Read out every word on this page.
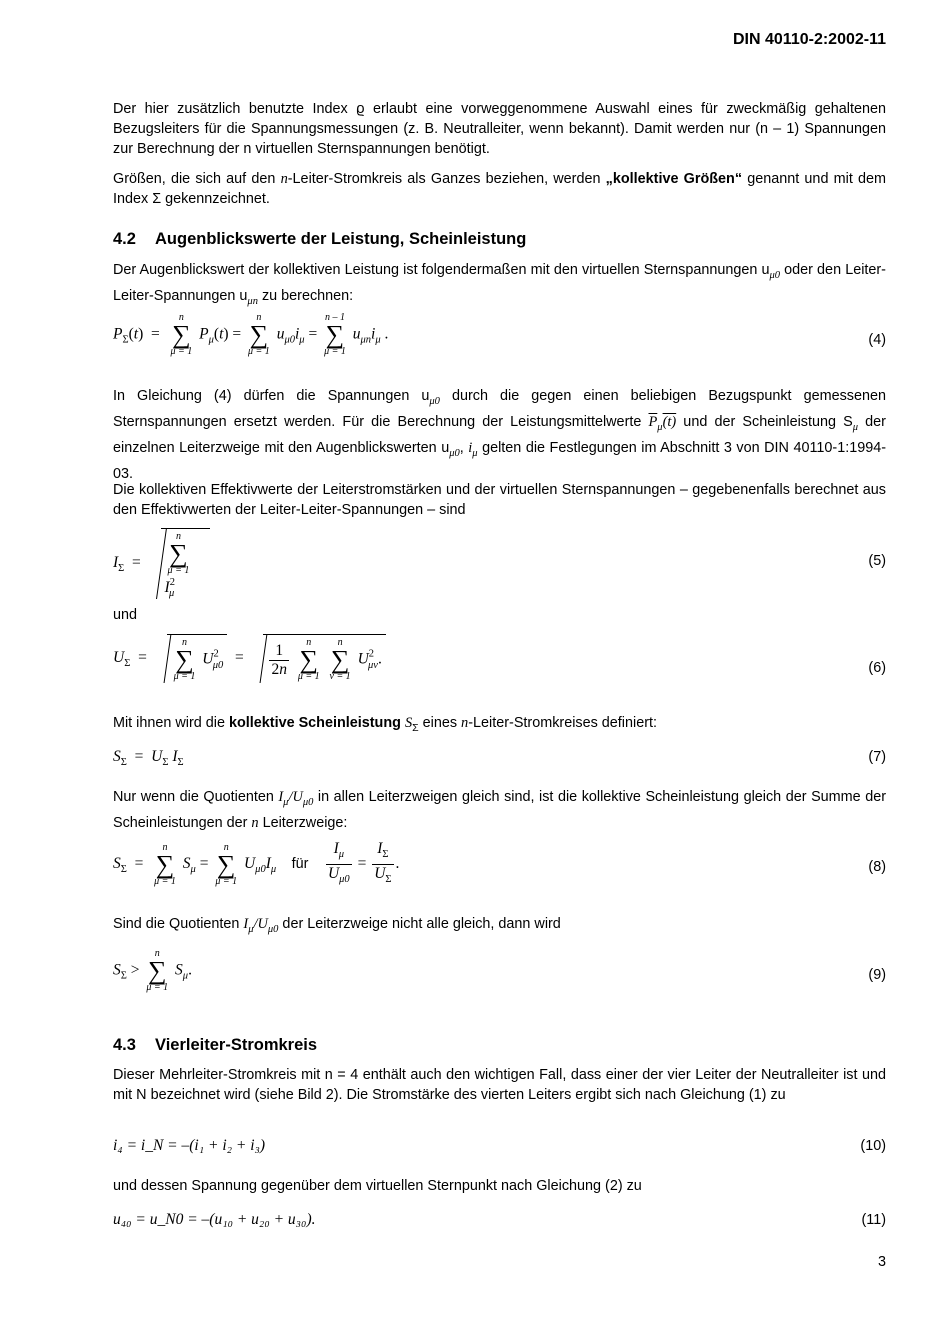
DIN 40110-2:2002-11
Der hier zusätzlich benutzte Index ϱ erlaubt eine vorweggenommene Auswahl eines für zweckmäßig gehaltenen Bezugsleiters für die Spannungsmessungen (z. B. Neutralleiter, wenn bekannt). Damit werden nur (n – 1) Spannungen zur Berechnung der n virtuellen Sternspannungen benötigt.
Größen, die sich auf den n-Leiter-Stromkreis als Ganzes beziehen, werden „kollektive Größen“ genannt und mit dem Index Σ gekennzeichnet.
4.2 Augenblickswerte der Leistung, Scheinleistung
Der Augenblickswert der kollektiven Leistung ist folgendermaßen mit den virtuellen Sternspannungen $u_{\mu 0}$ oder den Leiter-Leiter-Spannungen $u_{\mu n}$ zu berechnen:
$P_\Sigma(t)$  =
n
∑
μ = 1
$P_\mu(t)$ =
n
∑
μ = 1
$u_{\mu 0}i_\mu$ =
n – 1
∑
μ = 1
$u_{\mu n}i_\mu$ .	(4)
In Gleichung (4) dürfen die Spannungen $u_{\mu 0}$ durch die gegen einen beliebigen Bezugspunkt gemessenen Sternspannungen ersetzt werden. Für die Berechnung der Leistungsmittelwerte $\overline{P}_\mu(t)$ und der Scheinleistung $S_\mu$ der einzelnen Leiterzweige mit den Augenblickswerten $u_{\mu 0}$, $i_\mu$ gelten die Festlegungen im Abschnitt 3 von DIN 40110-1:1994-03.
Die kollektiven Effektivwerte der Leiterstromstärken und der virtuellen Sternspannungen – gegebenenfalls berechnet aus den Effektivwerten der Leiter-Leiter-Spannungen – sind
$I_\Sigma$  =
n
∑
μ = 1
$I^2_\mu$
(5)
und
$U_\Sigma$  =
n
∑
μ = 1
$U^2_{\mu 0} = \frac{1}{2n}$
	n
∑
μ = 1

n
∑
ν = 1
$U^2_{\mu\nu}$.
(6)
Mit ihnen wird die kollektive Scheinleistung $S_\Sigma$ eines n-Leiter-Stromkreises definiert:
$S_\Sigma = U_\Sigma$ $I_\Sigma$	(7)
Nur wenn die Quotienten $I_\mu/U_{\mu 0}$ in allen Leiterzweigen gleich sind, ist die kollektive Scheinleistung gleich der Summe der Scheinleistungen der n Leiterzweige:
$S_\Sigma$  =
n
∑
μ = 1
$S_\mu$ =
n
∑
μ = 1
$U_{\mu 0}I_\mu$ für $\frac{I_\mu}{U_{\mu 0}} = \frac{I_\Sigma}{U_\Sigma}$ .	(8)
Sind die Quotienten $I_\mu/U_{\mu 0}$ der Leiterzweige nicht alle gleich, dann wird
$S_\Sigma$ >
n
∑
μ = 1
$S_\mu$.	(9)
4.3 Vierleiter-Stromkreis
Dieser Mehrleiter-Stromkreis mit n = 4 enthält auch den wichtigen Fall, dass einer der vier Leiter der Neutralleiter ist und mit N bezeichnet wird (siehe Bild 2). Die Stromstärke des vierten Leiters ergibt sich nach Gleichung (1) zu
i₄ = i_N = –(i₁ + i₂ + i₃)	(10)
und dessen Spannung gegenüber dem virtuellen Sternpunkt nach Gleichung (2) zu
u₄₀ = u_N0 = –(u₁₀ + u₂₀ + u₃₀).	(11)
3
